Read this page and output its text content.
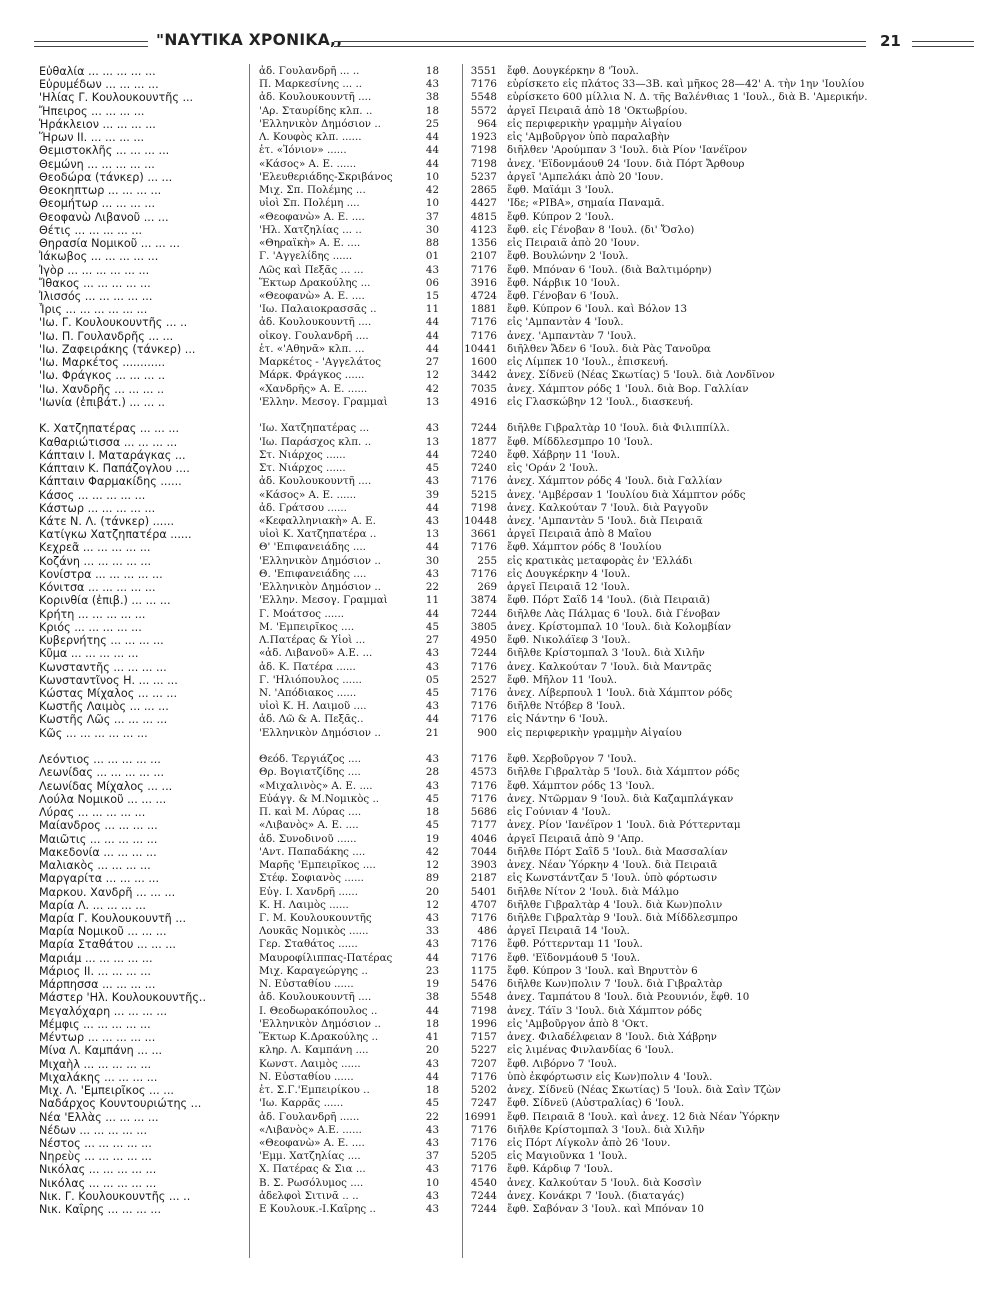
"ΝΑΥΤΙΚΑ ΧΡΟΝΙΚΑ,,	21
Εὐθαλία ... ... ... ... ...	ἀδ. Γουλανδρῆ ... ..	18	3551 ἔφθ. Δουγκέρκην 8 'Ἰουλ.
Εὐρυμέδων ... ... ... ...	Π. Μαρκεσίνης ... ..	43	7176 εὑρίσκετο εἰς πλάτος 33—3Β. καὶ μῆκος 28—42' Α. τὴν 1ην 'Ιουλίου
'Ηλίας Γ. Κουλουκουντῆς ...	ἀδ. Κουλουκουντῆ ....	38	5548 εὑρίσκετο 600 μίλλια Ν. Δ. τῆς Βαλένθιας 1 'Ιουλ., διὰ Β. 'Αμερικήν.
Ἤπειρος ... ... ... ...	'Αρ. Σταυρίδης κλπ. ..	18	5572 ἀργεῖ Πειραιᾶ ἀπὸ 18 'Οκτωβρίου.
Ἡράκλειον ... ... ... ...	'Ελληνικὸν Δημόσιον ..	25	964 εἰς περιφερικὴν γραμμὴν Αἰγαίου
Ἥρων ΙΙ. ... ... ... ...	Λ. Κουφὸς κλπ. ......	44	1923 εἰς 'Αμβοῦργον ὑπὸ παραλαβὴν
Θεμιστοκλῆς ... ... ... ...	ἑτ. «Ἰόνιον» ......	44	7198 διῆλθεν 'Αρούμπαν 3 'Ιουλ. διὰ Ρίον 'Ιανέϊρον
Θεμώνη ... ... ... ... ...	«Κάσος» Α. Ε. ......	44	7198 ἀνεχ. 'Εϊδονμάουθ 24 'Ιουν. διὰ Πόρτ Ἄρθουρ
Θεοδώρα (τάνκερ) ... ...	'Ελευθεριάδης-Σκριβάνος	10	5237 ἀργεῖ 'Αμπελάκι ἀπὸ 20 'Ιουν.
Θεοκηπτωρ ... ... ... ...	Μιχ. Σπ. Πολέμης ...	42	2865 ἔφθ. Μαϊάμι 3 'Ιουλ.
Θεομήτωρ ... ... ... ...	υἱοὶ Σπ. Πολέμη ....	10	4427 'Ιδε; «ΡΙΒΑ», σημαία Παναμᾶ.
Θεοφανὼ Λιβανοῦ ... ...	«Θεοφανὼ» Α. Ε. ....	37	4815 ἔφθ. Κύπρον 2 'Ιουλ.
Θέτις ... ... ... ... ...	'Ηλ. Χατζηλίας ... ..	30	4123 ἔφθ. εἰς Γένοβαν 8 'Ιουλ. (δι' Ὄσλο)
Θηρασία Νομικοῦ ... ... ...	«Θηραϊκὴ» Α. Ε. ....	88	1356 εἰς Πειραιᾶ ἀπὸ 20 'Ιουν.
Ἰάκωβος ... ... ... ... ...	Γ. 'Αγγελίδης ......	01	2107 ἔφθ. Βουλώνην 2 'Ιουλ.
Ἰγὸρ ... ... ... ... ... ...	Λῶς καὶ Πεξᾶς ... ...	43	7176 ἔφθ. Μπόναν 6 'Ιουλ. (διὰ Βαλτιμόρην)
Ἴθακος ... ... ... ... ...	Ἕκτωρ Δρακούλης ...	06	3916 ἔφθ. Νάρβικ 10 'Ιουλ.
Ἰλισσός ... ... ... ... ...	«Θεοφανὼ» Α. Ε. ....	15	4724 ἔφθ. Γένοβαν 6 'Ιουλ.
Ἶρις ... ... ... ... ... ...	'Ιω. Παλαιοκρασσᾶς ..	11	1881 ἔφθ. Κύπρον 6 'Ιουλ. καὶ Βόλον 13
'Ιω. Γ. Κουλουκουντῆς ... ..	ἀδ. Κουλουκουντῆ ....	44	7176 εἰς 'Αμπαντὰν 4 'Ιουλ.
'Ιω. Π. Γουλανδρῆς ... ...	οἰκογ. Γουλανδρῆ ....	44	7176 ἀνεχ. 'Αμπαντὰν 7 'Ιουλ.
'Ιω. Ζαφειράκης (τάνκερ) ...	ἑτ. «'Αθηνᾶ» κλπ. ...	44	10441 διῆλθεν Ἄδεν 6 'Ιουλ. διὰ Ρὰς Τανοῦρα
'Ιω. Μαρκέτος ............	Μαρκέτος - 'Αγγελάτος	27	1600 εἰς Λίμπεκ 10 'Ιουλ., ἐπισκευή.
'Ιω. Φράγκος ... ... ... ..	Μάρκ. Φράγκος ......	12	3442 ἀνεχ. Σίδνεϋ (Νέας Σκωτίας) 5 'Ιουλ. διὰ Λονδῖνον
'Ιω. Χανδρῆς ... ... ... ..	«Χανδρῆς» Α. Ε. ......	42	7035 ἀνεχ. Χάμπτον ρόδς 1 'Ιουλ. διὰ Βορ. Γαλλίαν
'Ιωνία (ἐπιβάτ.) ... ... ..	'Ελλην. Μεσογ. Γραμμαὶ	13	4916 εἰς Γλασκώβην 12 'Ιουλ., διασκευή.
Κ. Χατζηπατέρας ... ... ...	'Ιω. Χατζηπατέρας ...	43	7244 διῆλθε Γιβραλτὰρ 10 'Ιουλ. διὰ Φιλιππίλλ.
Καθαριώτισσα ... ... ... ...	'Ιω. Παράσχος κλπ. ..	13	1877 ἔφθ. Μίδδλεσμπρο 10 'Ιουλ.
Κάπταιν Ι. Ματαράγκας ...	Στ. Νιάρχος ......	44	7240 ἔφθ. Χάβρην 11 'Ιουλ.
Κάπταιν Κ. Παπάζογλου ....	Στ. Νιάρχος ......	45	7240 εἰς 'Οράν 2 'Ιουλ.
Κάπταιν Φαρμακίδης ......	ἀδ. Κουλουκουντῆ ....	43	7176 ἀνεχ. Χάμπτον ρόδς 4 'Ιουλ. διὰ Γαλλίαν
Κάσος ... ... ... ... ...	«Κάσος» Α. Ε. ......	39	5215 ἀνεχ. 'Αμβέρσαν 1 'Ιουλίου διὰ Χάμπτον ρόδς
Κάστωρ ... ... ... ... ...	ἀδ. Γράτσου ......	44	7198 ἀνεχ. Καλκούταν 7 'Ιουλ. διὰ Ραγγοῦν
Κάτε Ν. Λ. (τάνκερ) ......	«Κεφαλληνιακὴ» Α. Ε.	43	10448 ἀνεχ. 'Αμπαντὰν 5 'Ιουλ. διὰ Πειραιᾶ
Κατίγκω Χατζηπατέρα ......	υἱοὶ Κ. Χατζηπατέρα ..	13	3661 ἀργεῖ Πειραιᾶ ἀπὸ 8 Μαΐου
Κεχρεᾶ ... ... ... ... ...	Θ' 'Επιφανειάδης ....	44	7176 ἔφθ. Χάμπτον ρόδς 8 'Ιουλίου
Κοζάνη ... ... ... ... ...	'Ελληνικὸν Δημόσιον ..	30	255 εἰς κρατικὰς μεταφορὰς ἐν 'Ελλάδι
Κονίστρα ... ... ... ... ...	Θ. 'Επιφανειάδης ....	43	7176 εἰς Δουγκέρκην 4 'Ιουλ.
Κόνιτσα ... ... ... ... ...	'Ελληνικὸν Δημόσιον ..	22	269 ἀργεῖ Πειραιᾶ 12 'Ιουλ.
Κορινθία (ἐπιβ.) ... ... ...	'Ελλην. Μεσογ. Γραμμαὶ	11	3874 ἔφθ. Πόρτ Σαΐδ 14 'Ιουλ. (διὰ Πειραιᾶ)
Κρήτη ... ... ... ... ...	Γ. Μοάτσος ......	44	7244 διῆλθε Λὰς Πάλμας 6 'Ιουλ. διὰ Γένοβαν
Κριός ... ... ... ... ...	Μ. 'Εμπειρῖκος ....	45	3805 ἀνεχ. Κρίστομπαλ 10 'Ιουλ. διὰ Κολομβίαν
Κυβερνήτης ... ... ... ...	Λ.Πατέρας & Υἱοὶ ...	27	4950 ἔφθ. Νικολάϊεφ 3 'Ιουλ.
Κῦμα ... ... ... ... ...	«ἀδ. Λιβανοῦ» Α.Ε. ...	43	7244 διῆλθε Κρίστομπαλ 3 'Ιουλ. διὰ Χιλῆν
Κωνσταντῆς ... ... ... ...	ἀδ. Κ. Πατέρα ......	43	7176 ἀνεχ. Καλκούταν 7 'Ιουλ. διὰ Μαντρᾶς
Κωνσταντῖνος Η. ... ... ...	Γ. 'Ηλιόπουλος ......	05	2527 ἔφθ. Μῆλον 11 'Ιουλ.
Κώστας Μίχαλος ... ... ...	Ν. 'Απόδιακος ......	45	7176 ἀνεχ. Λίβερπουλ 1 'Ιουλ. διὰ Χάμπτον ρόδς
Κωστῆς Λαιμὸς ... ... ...	υἱοὶ Κ. Η. Λαιμοῦ ....	43	7176 διῆλθε Ντόβερ 8 'Ιουλ.
Κωστῆς Λῶς ... ... ... ...	ἀδ. Λῶ & Α. Πεξᾶς..	44	7176 εἰς Νάντην 6 'Ιουλ.
Κῶς ... ... ... ... ... ...	'Ελληνικὸν Δημόσιον ..	21	900 εἰς περιφερικὴν γραμμὴν Αἰγαίου
Λεόντιος ... ... ... ... ...	Θεόδ. Τεργιάζος ....	43	7176 ἔφθ. Χερβοῦργον 7 'Ιουλ.
Λεωνίδας ... ... ... ... ...	Θρ. Βογιατζίδης ....	28	4573 διῆλθε Γιβραλτὰρ 5 'Ιουλ. διὰ Χάμπτον ρόδς
Λεωνίδας Μίχαλος ... ...	«Μιχαλινὸς» Α. Ε. ....	43	7176 ἔφθ. Χάμπτον ρόδς 13 'Ιουλ.
Λούλα Νομικοῦ ... ... ...	Εὐάγγ. & Μ.Νομικὸς ..	45	7176 ἀνεχ. Ντῶρμαν 9 'Ιουλ. διὰ Καζαμπλάγκαν
Λύρας ... ... ... ... ...	Π. καὶ Μ. Λύρας ....	18	5686 εἰς Γούνιαν 4 'Ιουλ.
Μαίανδρος ... ... ... ...	«Λιβανὸς» Α. Ε. ....	45	7177 ἀνεχ. Ρίον 'Ιανέϊρον 1 'Ιουλ. διὰ Ρόττερνταμ
Μαιῶτις ... ... ... ... ...	ἀδ. Συνοδινοῦ ......	19	4046 ἀργεῖ Πειραιᾶ ἀπὸ 9 'Απρ.
Μακεδονία ... ... ... ...	'Αντ. Παπαδάκης ....	42	7044 διῆλθε Πόρτ Σαΐδ 5 'Ιουλ. διὰ Μασσαλίαν
Μαλιακὸς ... ... ... ...	Μαρῆς 'Εμπειρῖκος ....	12	3903 ἀνεχ. Νέαν Ὑόρκην 4 'Ιουλ. διὰ Πειραιᾶ
Μαργαρίτα ... ... ... ...	Στέφ. Σοφιανὸς ......	89	2187 εἰς Κωνστάντζαν 5 'Ιουλ. ὑπὸ φόρτωσιν
Μαρκου. Χανδρῆ ... ... ...	Εὐγ. Ι. Χανδρῆ ......	20	5401 διῆλθε Νίτον 2 'Ιουλ. διὰ Μάλμο
Μαρία Λ. ... ... ... ...	Κ. Η. Λαιμὸς ......	12	4707 διῆλθε Γιβραλτὰρ 4 'Ιουλ. διὰ Κων)πολιν
Μαρία Γ. Κουλουκουντῆ ...	Γ. Μ. Κουλουκουντῆς	43	7176 διῆλθε Γιβραλτὰρ 9 'Ιουλ. διὰ Μίδδλεσμπρο
Μαρία Νομικοῦ ... ... ...	Λουκᾶς Νομικὸς ......	33	486 ἀργεῖ Πειραιᾶ 14 'Ιουλ.
Μαρία Σταθάτου ... ... ...	Γερ. Σταθάτος ......	43	7176 ἔφθ. Ρόττερνταμ 11 'Ιουλ.
Μαριάμ ... ... ... ... ...	Μαυροφίλιππας-Πατέρας	44	7176 ἔφθ. 'Εϊδονμάουθ 5 'Ιουλ.
Μάριος ΙΙ. ... ... ... ...	Μιχ. Καραγεώργης ..	23	1175 ἔφθ. Κύπρον 3 'Ιουλ. καὶ Βηρυττὸν 6
Μάρπησσα ... ... ... ...	Ν. Εὐσταθίου ......	19	5476 διῆλθε Κων)πολιν 7 'Ιουλ. διὰ Γιβραλτὰρ
Μάστερ 'Ηλ. Κουλουκουντῆς..	ἀδ. Κουλουκουντῆ ....	38	5548 ἀνεχ. Ταμπάτου 8 'Ιουλ. διὰ Ρεουνιόν, ἔφθ. 10
Μεγαλόχαρη ... ... ... ...	Ι. Θεοδωρακόπουλος ..	44	7198 ἀνεχ. Τάϊν 3 'Ιουλ. διὰ Χάμπτον ρόδς
Μέμφις ... ... ... ... ...	'Ελληνικὸν Δημόσιον ..	18	1996 εἰς 'Αμβοῦργον ἀπὸ 8 'Οκτ.
Μέντωρ ... ... ... ... ...	Ἕκτωρ Κ.Δρακούλης ..	41	7157 ἀνεχ. Φιλαδέλφειαν 8 'Ιουλ. διὰ Χάβρην
Μίνα Λ. Καμπάνη ... ...	κληρ. Λ. Καμπάνη ....	20	5227 εἰς λιμένας Φινλανδίας 6 'Ιουλ.
Μιχαὴλ ... ... ... ... ...	Κωνστ. Λαιμὸς ......	43	7207 ἔφθ. Λιβόρνο 7 'Ιουλ.
Μιχαλάκης ... ... ... ...	Ν. Εὐσταθίου ......	44	7176 ὑπὸ ἐκφόρτωσιν εἰς Κων)πολιν 4 'Ιουλ.
Μιχ. Λ. 'Εμπειρῖκος ... ...	ἑτ. Σ.Γ.'Εμπειρίκου ..	18	5202 ἀνεχ. Σίδνεϋ (Νέας Σκωτίας) 5 'Ιουλ. διὰ Σαὶν Τζὼν
Ναδάρχος Κουντουριώτης ...	'Ιω. Καρρᾶς ......	45	7247 ἔφθ. Σίδνεϋ (Αὐστραλίας) 6 'Ιουλ.
Νέα 'Ελλὰς ... ... ... ...	ἀδ. Γουλανδρῆ ......	22	16991 ἔφθ. Πειραιᾶ 8 'Ιουλ. καὶ ἀνεχ. 12 διὰ Νέαν Ὑόρκην
Νέδων ... ... ... ... ...	«Λιβανὸς» Α.Ε. ......	43	7176 διῆλθε Κρίστομπαλ 3 'Ιουλ. διὰ Χιλῆν
Νέστος ... ... ... ... ...	«Θεοφανὼ» Α. Ε. ....	43	7176 εἰς Πόρτ Λίγκολν ἀπὸ 26 'Ιουν.
Νηρεὺς ... ... ... ... ...	'Εμμ. Χατζηλίας ....	37	5205 εἰς Μαγιοῦνκα 1 'Ιουλ.
Νικόλας ... ... ... ... ...	Χ. Πατέρας & Σια ...	43	7176 ἔφθ. Κάρδιφ 7 'Ιουλ.
Νικόλας ... ... ... ... ...	Β. Σ. Ρωσόλυμος ....	10	4540 ἀνεχ. Καλκούταν 5 'Ιουλ. διὰ Κοσσὶν
Νικ. Γ. Κουλουκουντῆς ... ..	ἀδελφοὶ Σιτινᾶ .. ..	43	7244 ἀνεχ. Κονάκρι 7 'Ιουλ. (διαταγάς)
Νικ. Καΐρης ... ... ... ...	Ε Κουλουκ.-Ι.Καΐρης ..	43	7244 ἔφθ. Σαβόναν 3 'Ιουλ. καὶ Μπόναν 10
